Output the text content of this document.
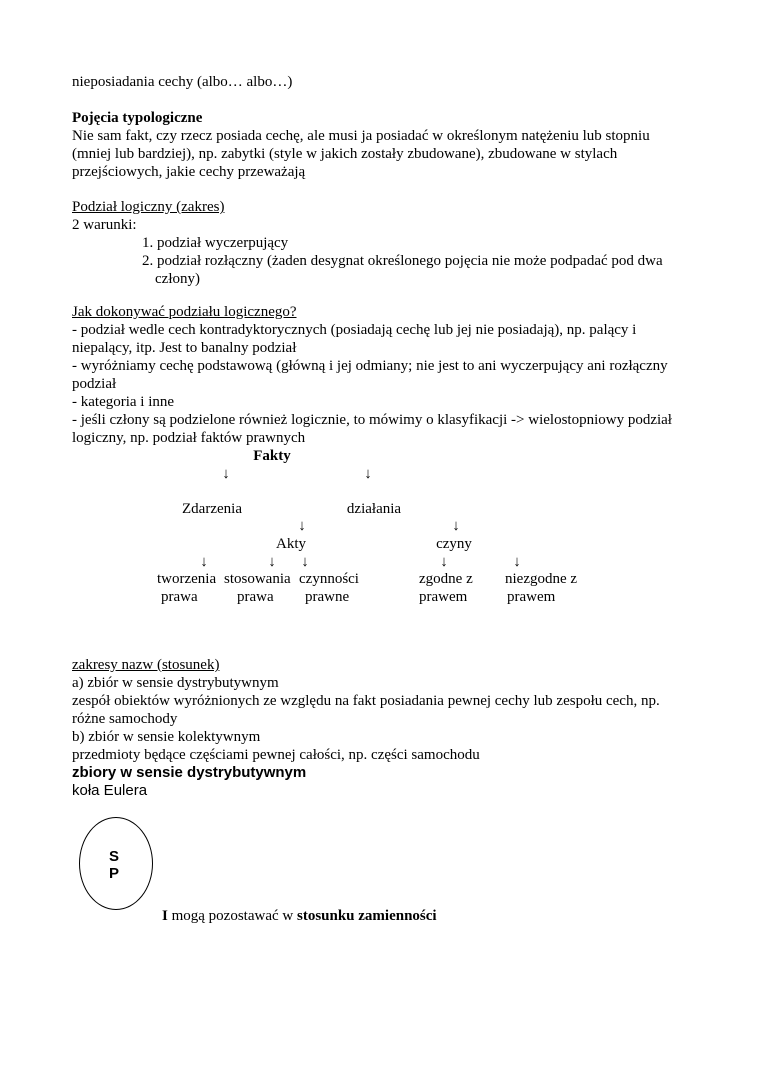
nieposiadania cechy (albo… albo…)
Pojęcia typologiczne
Nie sam fakt, czy rzecz posiada cechę, ale musi ja posiadać w określonym natężeniu lub stopniu
(mniej lub bardziej), np. zabytki (style w jakich zostały zbudowane), zbudowane w stylach
przejściowych, jakie cechy przeważają
Podział logiczny (zakres)
2 warunki:
1. podział wyczerpujący
2. podział rozłączny (żaden desygnat określonego pojęcia nie może podpadać pod dwa
człony)
Jak dokonywać podziału logicznego?
- podział wedle cech kontradyktorycznych (posiadają cechę lub jej nie posiadają), np. palący i
niepalący, itp. Jest to banalny podział
- wyróżniamy cechę podstawową (główną i jej odmiany; nie jest to ani wyczerpujący ani rozłączny
podział
- kategoria i inne
- jeśli człony są podzielone również logicznie, to mówimy o klasyfikacji -> wielostopniowy podział
logiczny, np. podział faktów prawnych
Fakty
↓	↓
Zdarzenia	działania
↓	↓
Akty	czyny
↓	↓ ↓	↓	↓
tworzenia
prawa
stosowania
prawa
czynności
prawne
zgodne z
prawem
niezgodne z
prawem
zakresy nazw (stosunek)
a) zbiór w sensie dystrybutywnym
zespół obiektów wyróżnionych ze względu na fakt posiadania pewnej cechy lub zespołu cech, np.
różne samochody
b) zbiór w sensie kolektywnym
przedmioty będące częściami pewnej całości, np. części samochodu
zbiory w sensie dystrybutywnym
koła Eulera
S
P
I mogą pozostawać w stosunku zamienności
